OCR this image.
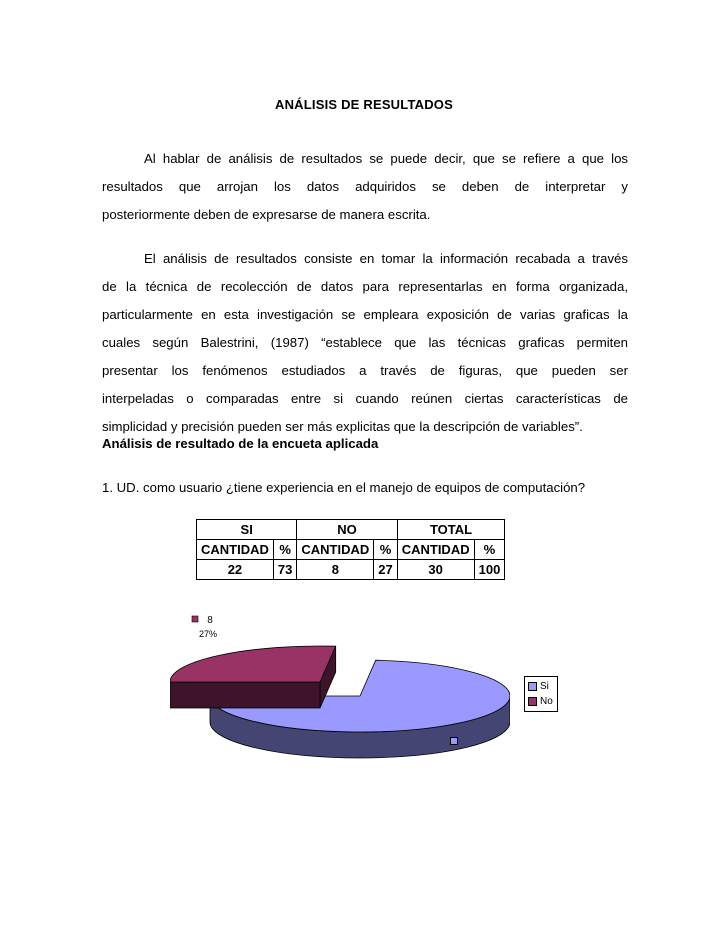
ANÁLISIS DE RESULTADOS
Al hablar de análisis de resultados se puede decir, que se refiere a que los
resultados que arrojan los datos adquiridos se deben de interpretar y
posteriormente deben de expresarse de manera escrita.
El análisis de resultados consiste en tomar la información recabada a través
de la técnica de recolección de datos para representarlas en forma organizada,
particularmente en esta investigación se empleara exposición de varias graficas la
cuales según Balestrini, (1987) “establece que las técnicas graficas permiten
presentar los fenómenos estudiados a través de figuras, que pueden ser
interpeladas o comparadas entre si cuando reúnen ciertas características de
simplicidad y precisión pueden ser más explicitas que la descripción de variables”.
Análisis de resultado de la encueta aplicada
1. UD. como usuario ¿tiene experiencia en el manejo de equipos de computación?
SI		NO		TOTAL	
CANTIDAD	%	CANTIDAD	%	CANTIDAD	%
22	73	8	27	30	100
8
27%
Si
No
